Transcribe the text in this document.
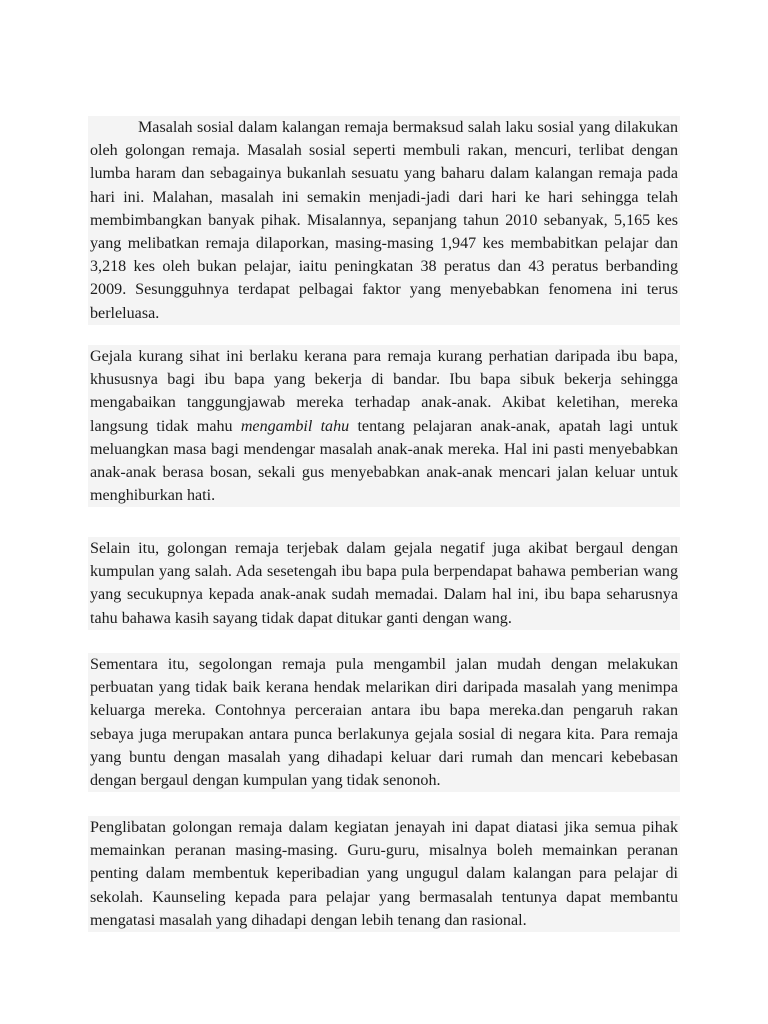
Masalah sosial dalam kalangan remaja bermaksud salah laku sosial yang dilakukan oleh golongan remaja. Masalah sosial seperti membuli rakan, mencuri, terlibat dengan lumba haram dan sebagainya bukanlah sesuatu yang baharu dalam kalangan remaja pada hari ini. Malahan, masalah ini semakin menjadi-jadi dari hari ke hari sehingga telah membimbangkan banyak pihak. Misalannya, sepanjang tahun 2010 sebanyak, 5,165 kes yang melibatkan remaja dilaporkan, masing-masing 1,947 kes membabitkan pelajar dan 3,218 kes oleh bukan pelajar, iaitu peningkatan 38 peratus dan 43 peratus berbanding 2009. Sesungguhnya terdapat pelbagai faktor yang menyebabkan fenomena ini terus berleluasa.

Gejala kurang sihat ini berlaku kerana para remaja kurang perhatian daripada ibu bapa, khususnya bagi ibu bapa yang bekerja di bandar. Ibu bapa sibuk bekerja sehingga mengabaikan tanggungjawab mereka terhadap anak-anak. Akibat keletihan, mereka langsung tidak mahu mengambil tahu tentang pelajaran anak-anak, apatah lagi untuk meluangkan masa bagi mendengar masalah anak-anak mereka. Hal ini pasti menyebabkan anak-anak berasa bosan, sekali gus menyebabkan anak-anak mencari jalan keluar untuk menghiburkan hati.

Selain itu, golongan remaja terjebak dalam gejala negatif juga akibat bergaul dengan kumpulan yang salah. Ada sesetengah ibu bapa pula berpendapat bahawa pemberian wang yang secukupnya kepada anak-anak sudah memadai. Dalam hal ini, ibu bapa seharusnya tahu bahawa kasih sayang tidak dapat ditukar ganti dengan wang.

Sementara itu, segolongan remaja pula mengambil jalan mudah dengan melakukan perbuatan yang tidak baik kerana hendak melarikan diri daripada masalah yang menimpa keluarga mereka. Contohnya perceraian antara ibu bapa mereka.dan pengaruh rakan sebaya juga merupakan antara punca berlakunya gejala sosial di negara kita. Para remaja yang buntu dengan masalah yang dihadapi keluar dari rumah dan mencari kebebasan dengan bergaul dengan kumpulan yang tidak senonoh.

Penglibatan golongan remaja dalam kegiatan jenayah ini dapat diatasi jika semua pihak memainkan peranan masing-masing. Guru-guru, misalnya boleh memainkan peranan penting dalam membentuk keperibadian yang ungugul dalam kalangan para pelajar di sekolah. Kaunseling kepada para pelajar yang bermasalah tentunya dapat membantu mengatasi masalah yang dihadapi dengan lebih tenang dan rasional.
